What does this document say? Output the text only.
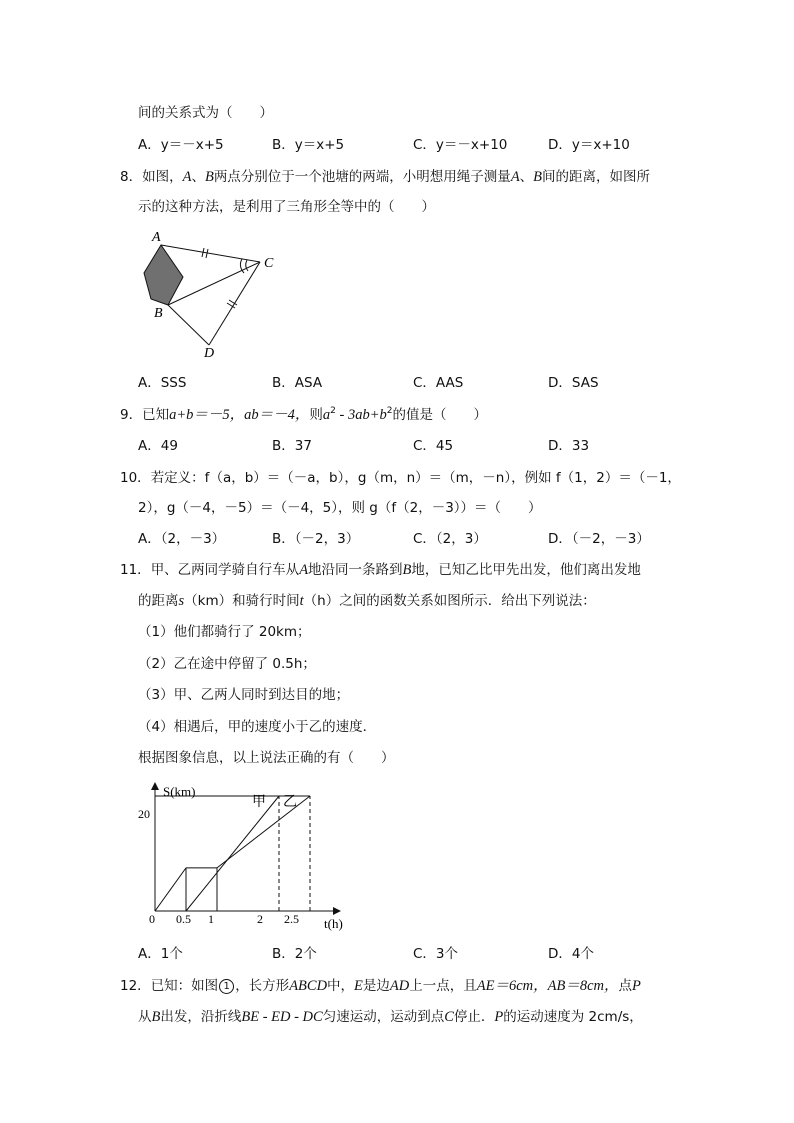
间的关系式为（　　）
A．y＝－x+5	B．y＝x+5	C．y＝－x+10	D．y＝x+10
8．如图，A、B两点分别位于一个池塘的两端，小明想用绳子测量A、B间的距离，如图所
示的这种方法，是利用了三角形全等中的（　　）
A
B
C
D
A．SSS	B．ASA	C．AAS	D．SAS
9．已知a+b＝－5，ab＝－4，则$a^2 - 3ab+b^2$的值是（　　）
A．49	B．37	C．45	D．33
10．若定义：f（a，b）＝（－a，b），g（m，n）＝（m，－n），例如 f（1，2）＝（－1，
2），g（－4，－5）＝（－4，5），则 g（f（2，－3））＝（　　）
A．（2，－3）	B．（－2，3）	C．（2，3）	D．（－2，－3）
11．甲、乙两同学骑自行车从A地沿同一条路到B地，已知乙比甲先出发，他们离出发地
的距离s（km）和骑行时间t（h）之间的函数关系如图所示．给出下列说法：
（1）他们都骑行了 20km；
（2）乙在途中停留了 0.5h；
（3）甲、乙两人同时到达目的地；
（4）相遇后，甲的速度小于乙的速度．
根据图象信息，以上说法正确的有（　　）
S(km)
t(h)
0 0.5 1	2 2.5
20
甲 乙
A．1个	B．2个	C．3个	D．4个
12．已知：如图 1 ，长方形ABCD中，E是边AD上一点，且AE＝6cm，AB＝8cm，点P
从B出发，沿折线BE - ED - DC匀速运动，运动到点C停止．P的运动速度为 2cm/s，
